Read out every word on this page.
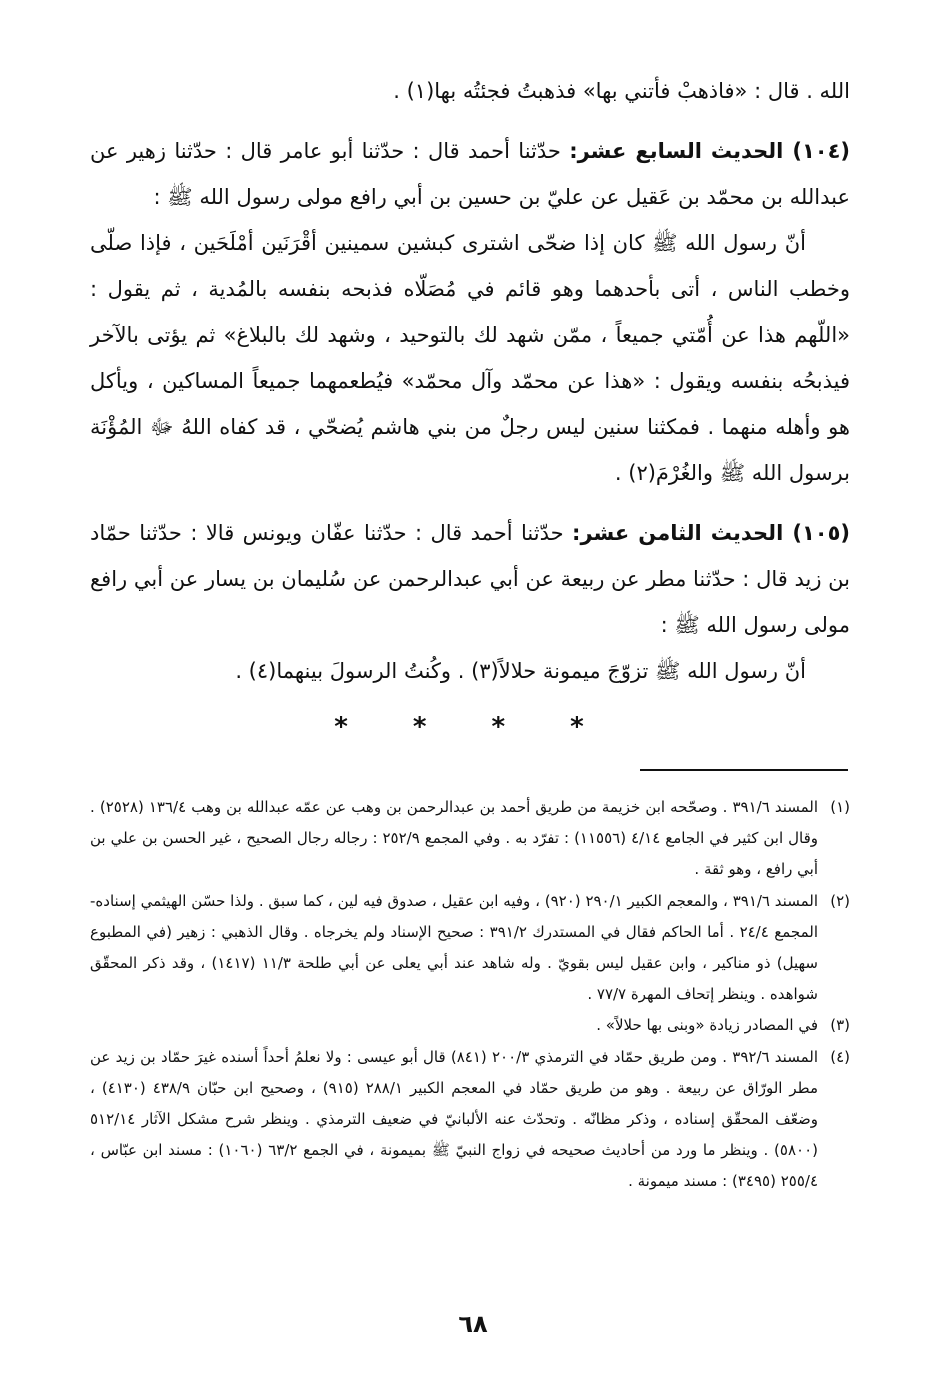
الله . قال : «فاذهبْ فأتني بها» فذهبتُ فجئتُه بها(١) .

(١٠٤) الحديث السابع عشر: حدّثنا أحمد قال : حدّثنا أبو عامر قال : حدّثنا زهير عن عبدالله بن محمّد بن عَقيل عن عليّ بن حسين بن أبي رافع مولى رسول الله ﷺ :

أنّ رسول الله ﷺ كان إذا ضحّى اشترى كبشين سمينين أقْرَنَين أمْلَحَين ، فإذا صلّى وخطب الناس ، أتى بأحدهما وهو قائم في مُصَلّاه فذبحه بنفسه بالمُدية ، ثم يقول : «اللّهم هذا عن أُمّتي جميعاً ، ممّن شهد لك بالتوحيد ، وشهد لك بالبلاغ» ثم يؤتى بالآخر فيذبحُه بنفسه ويقول : «هذا عن محمّد وآل محمّد» فيُطعمهما جميعاً المساكين ، ويأكل هو وأهله منهما . فمكثنا سنين ليس رجلٌ من بني هاشم يُضحّي ، قد كفاه اللهُ ﷻ المُؤْنَة برسول الله ﷺ والغُرْمَ(٢) .

(١٠٥) الحديث الثامن عشر: حدّثنا أحمد قال : حدّثنا عفّان ويونس قالا : حدّثنا حمّاد بن زيد قال : حدّثنا مطر عن ربيعة عن أبي عبدالرحمن عن سُليمان بن يسار عن أبي رافع مولى رسول الله ﷺ :

أنّ رسول الله ﷺ تزوّجَ ميمونة حلالاً(٣) . وكُنتُ الرسولَ بينهما(٤) .

* * * *

(١)
المسند ٣٩١/٦ . وصحّحه ابن خزيمة من طريق أحمد بن عبدالرحمن بن وهب عن عمّه عبدالله بن وهب ١٣٦/٤ (٢٥٢٨) . وقال ابن كثير في الجامع ٤/١٤ (١١٥٥٦) : تفرّد به . وفي المجمع ٢٥٢/٩ : رجاله رجال الصحيح ، غير الحسن بن علي بن أبي رافع ، وهو ثقة .

(٢)
المسند ٣٩١/٦ ، والمعجم الكبير ٢٩٠/١ (٩٢٠) ، وفيه ابن عقيل ، صدوق فيه لين ، كما سبق . ولذا حسّن الهيثمي إسناده- المجمع ٢٤/٤ . أما الحاكم فقال في المستدرك ٣٩١/٢ : صحيح الإسناد ولم يخرجاه . وقال الذهبي : زهير (في المطبوع سهيل) ذو مناكير ، وابن عقيل ليس بقويّ . وله شاهد عند أبي يعلى عن أبي طلحة ١١/٣ (١٤١٧) ، وقد ذكر المحقّق شواهده . وينظر إتحاف المهرة ٧٧/٧ .

(٣)
في المصادر زيادة «وبنى بها حلالاً» .

(٤)
المسند ٣٩٢/٦ . ومن طريق حمّاد في الترمذي ٢٠٠/٣ (٨٤١) قال أبو عيسى : ولا نعلمُ أحداً أسنده غيرَ حمّاد بن زيد عن مطر الورّاق عن ربيعة . وهو من طريق حمّاد في المعجم الكبير ٢٨٨/١ (٩١٥) ، وصحيح ابن حبّان ٤٣٨/٩ (٤١٣٠) ، وضعّف المحقّق إسناده ، وذكر مظانّه . وتحدّث عنه الألبانيّ في ضعيف الترمذي . وينظر شرح مشكل الآثار ٥١٢/١٤ (٥٨٠٠) . وينظر ما ورد من أحاديث صحيحه في زواج النبيّ ﷺ بميمونة ، في الجمع ٦٣/٢ (١٠٦٠) : مسند ابن عبّاس ، ٢٥٥/٤ (٣٤٩٥) : مسند ميمونة .

٦٨
